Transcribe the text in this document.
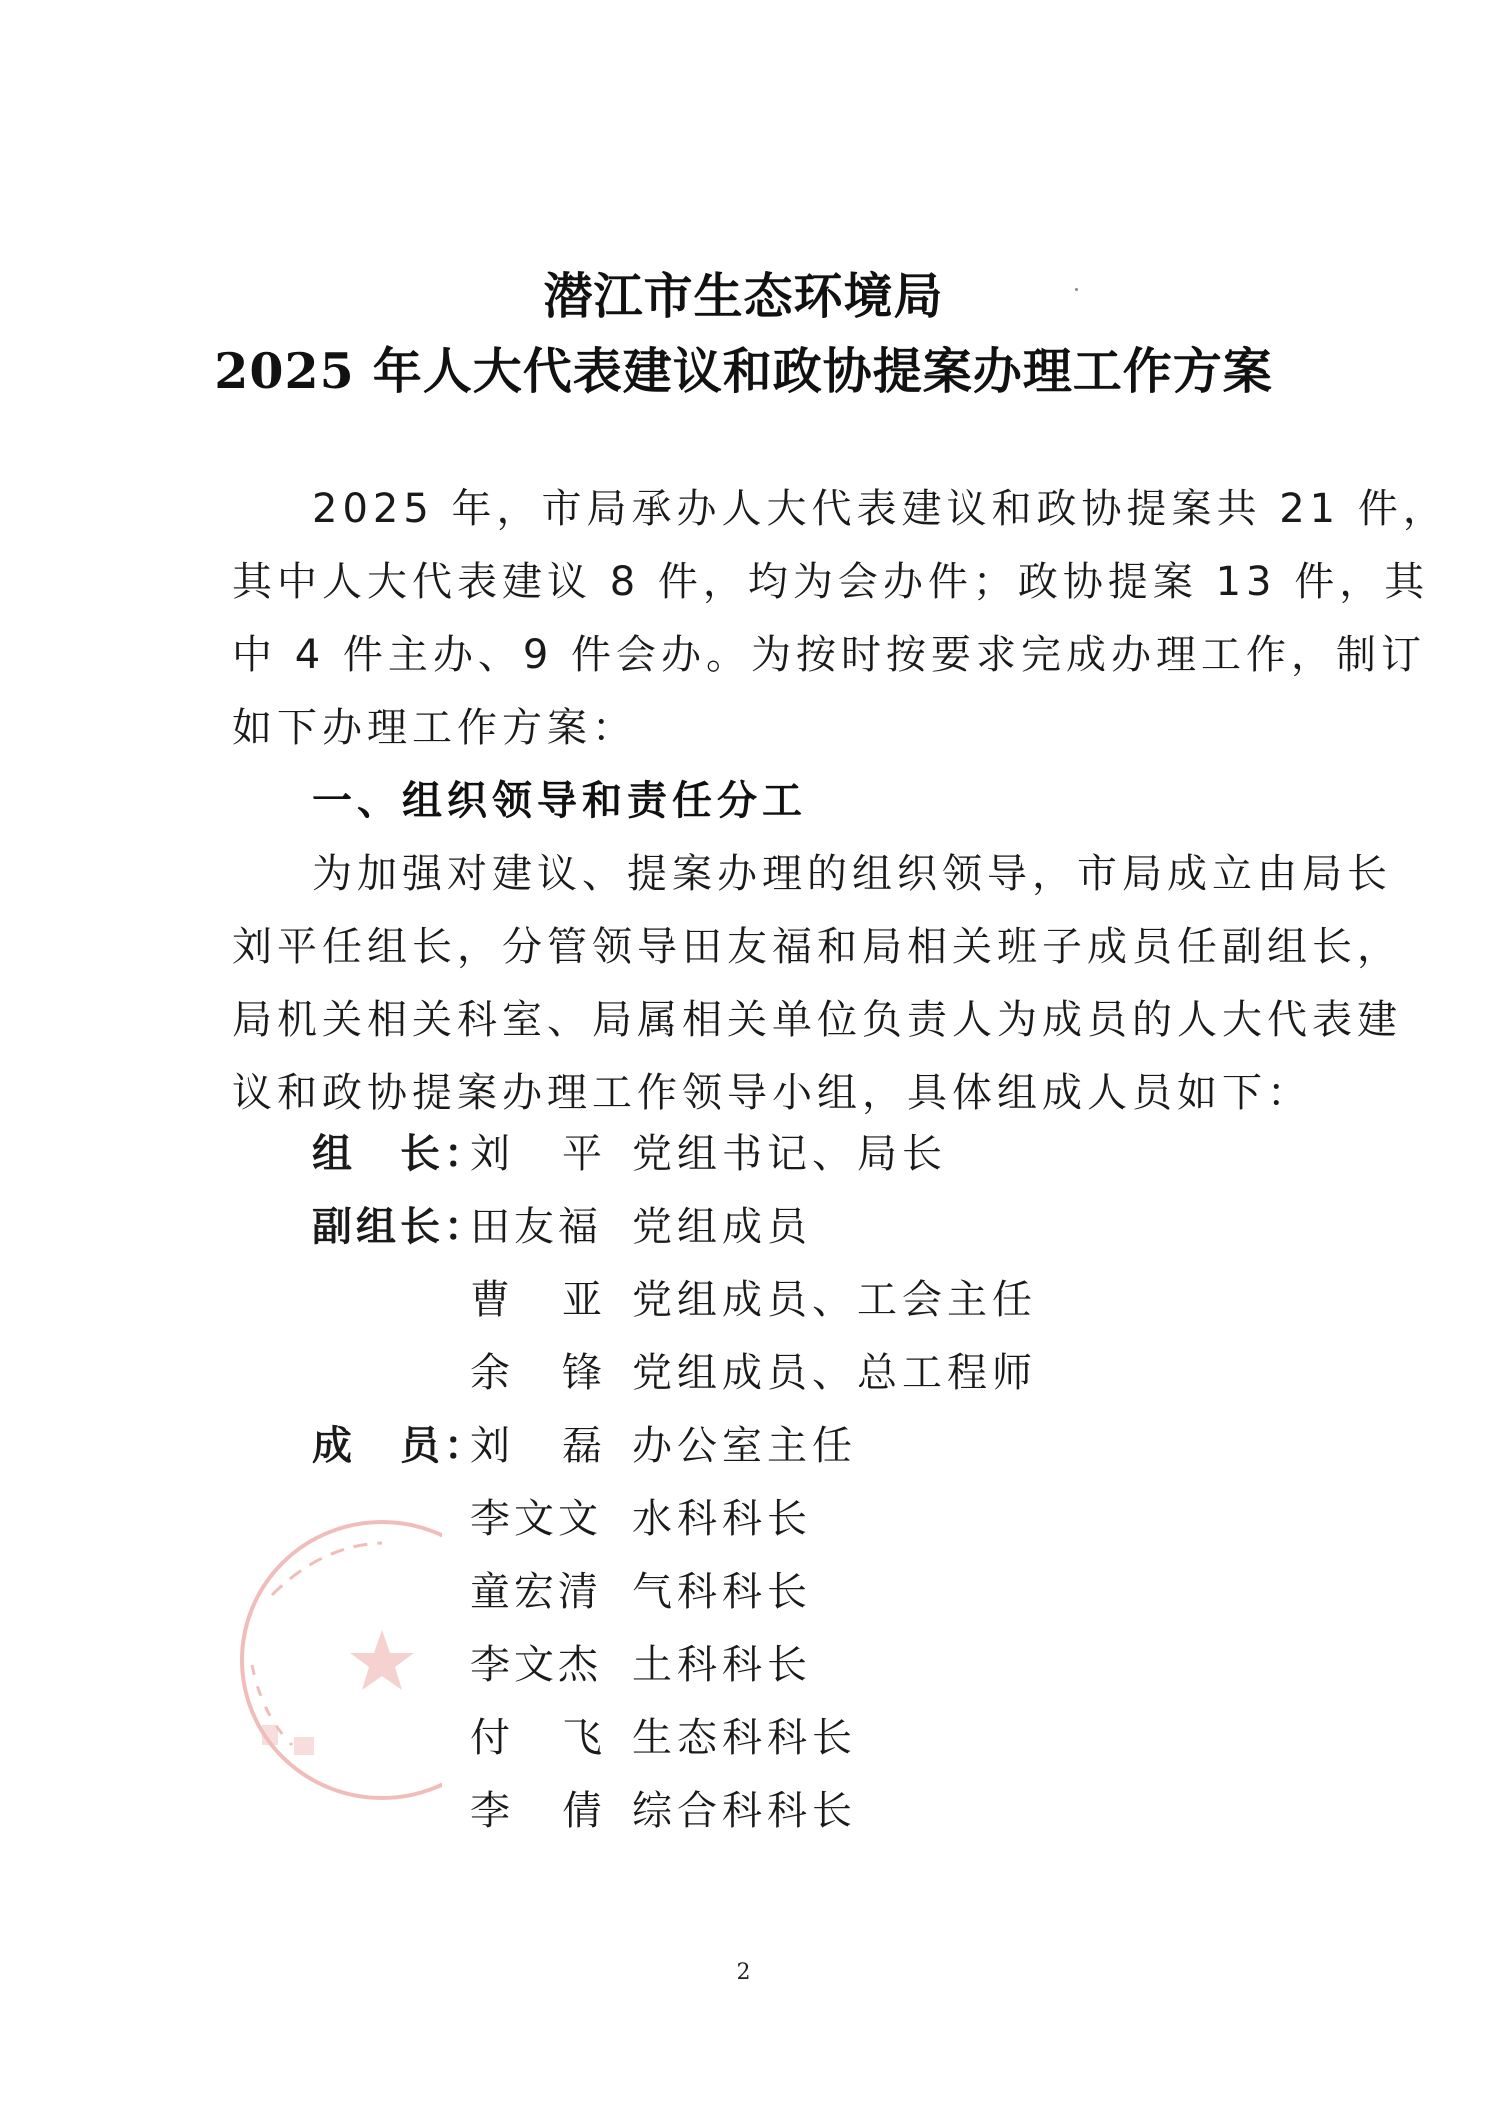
潜江市生态环境局
2025 年人大代表建议和政协提案办理工作方案
2025 年，市局承办人大代表建议和政协提案共 21 件，
其中人大代表建议 8 件，均为会办件；政协提案 13 件，其
中 4 件主办、9 件会办。为按时按要求完成办理工作，制订
如下办理工作方案：
一、组织领导和责任分工
为加强对建议、提案办理的组织领导，市局成立由局长
刘平任组长，分管领导田友福和局相关班子成员任副组长，
局机关相关科室、局属相关单位负责人为成员的人大代表建
议和政协提案办理工作领导小组，具体组成人员如下：
组　长：
刘平
党组书记、局长
副组长：
田友福 党组成员
曹亚
党组成员、工会主任
余锋
党组成员、总工程师
成　员：
刘磊
办公室主任
李文文 水科科长
童宏清 气科科长
李文杰 土科科长
付飞
生态科科长
李倩
综合科科长
2
